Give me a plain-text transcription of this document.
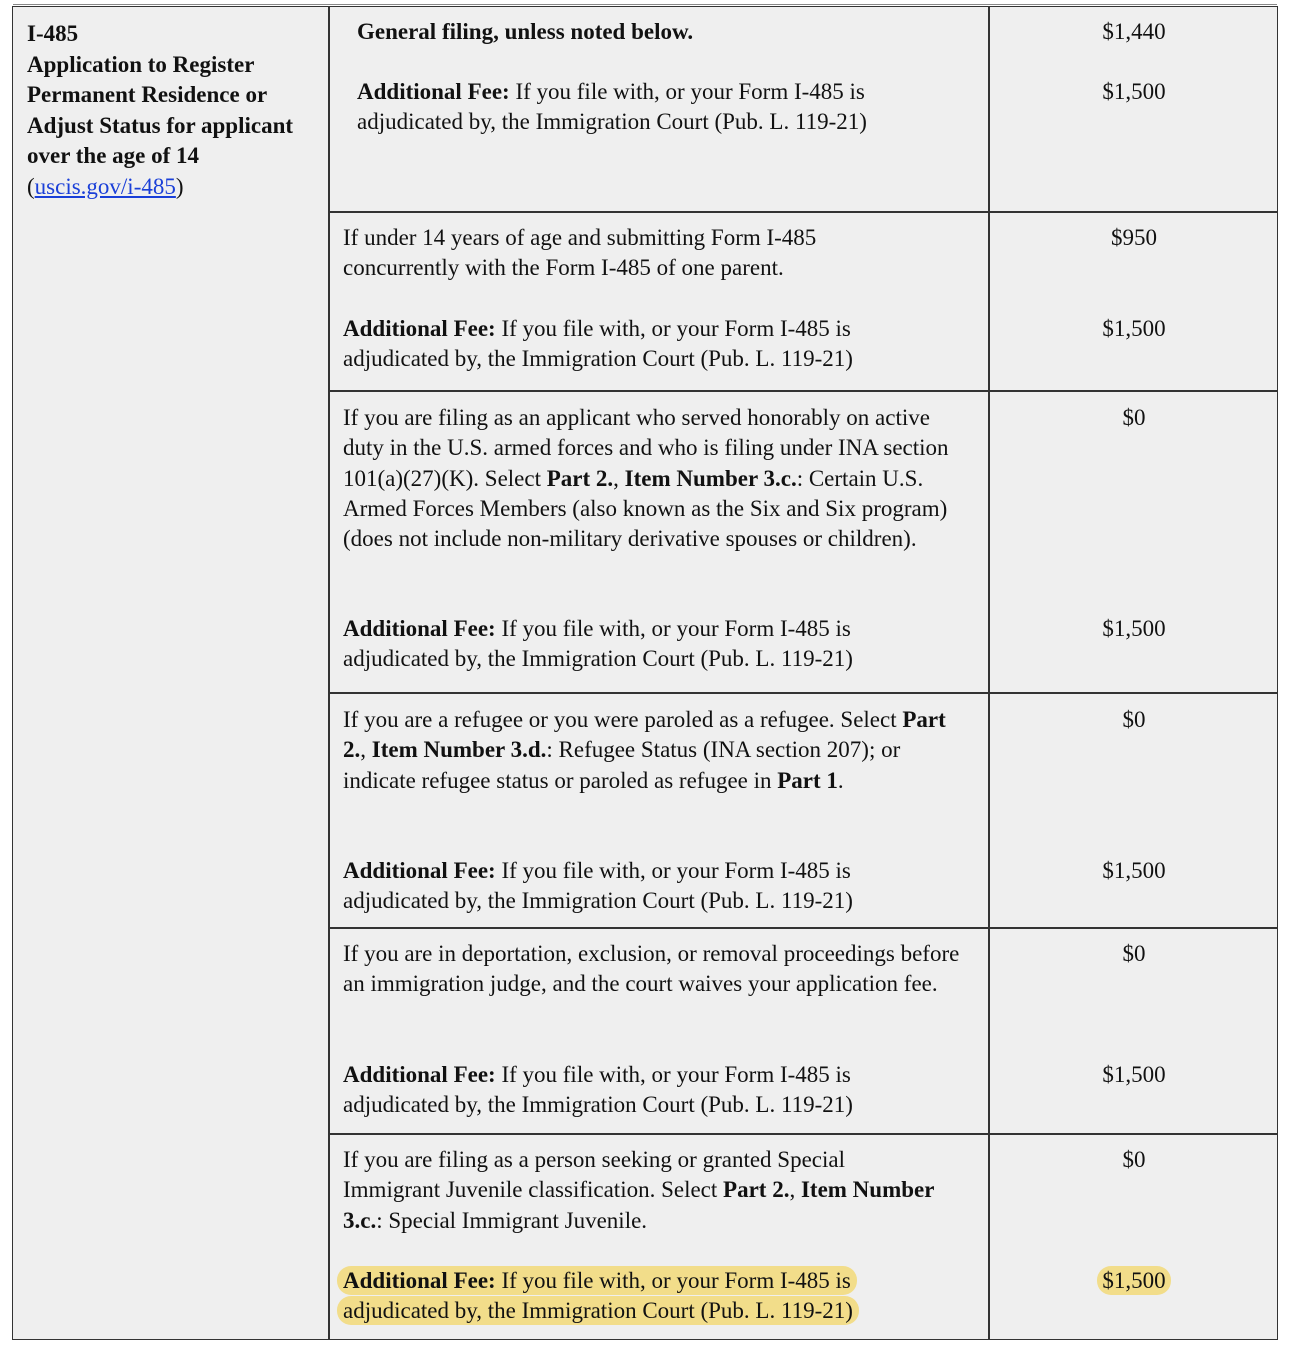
I-485
Application to Register Permanent Residence or Adjust Status for applicant over the age of 14 (uscis.gov/i-485)
General filing, unless noted below.	$1,440
Additional Fee: If you file with, or your Form I-485 is adjudicated by, the Immigration Court (Pub. L. 119-21)
$1,500
If under 14 years of age and submitting Form I-485 concurrently with the Form I-485 of one parent.
$950
Additional Fee: If you file with, or your Form I-485 is adjudicated by, the Immigration Court (Pub. L. 119-21)
$1,500
If you are filing as an applicant who served honorably on active duty in the U.S. armed forces and who is filing under INA section 101(a)(27)(K). Select Part 2., Item Number 3.c.: Certain U.S. Armed Forces Members (also known as the Six and Six program) (does not include non-military derivative spouses or children).
$0
Additional Fee: If you file with, or your Form I-485 is adjudicated by, the Immigration Court (Pub. L. 119-21)
$1,500
If you are a refugee or you were paroled as a refugee. Select Part 2., Item Number 3.d.: Refugee Status (INA section 207); or indicate refugee status or paroled as refugee in Part 1.
$0
Additional Fee: If you file with, or your Form I-485 is adjudicated by, the Immigration Court (Pub. L. 119-21)
$1,500
If you are in deportation, exclusion, or removal proceedings before an immigration judge, and the court waives your application fee.
$0
Additional Fee: If you file with, or your Form I-485 is adjudicated by, the Immigration Court (Pub. L. 119-21)
$1,500
If you are filing as a person seeking or granted Special Immigrant Juvenile classification. Select Part 2., Item Number 3.c.: Special Immigrant Juvenile.
$0
Additional Fee: If you file with, or your Form I-485 is adjudicated by, the Immigration Court (Pub. L. 119-21)
$1,500
